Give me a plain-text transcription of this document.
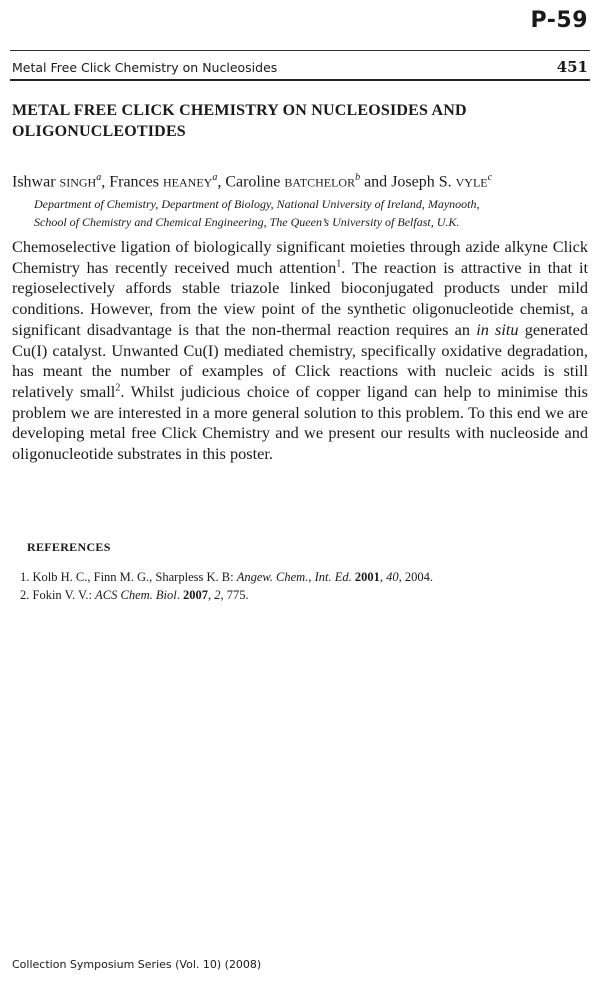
P-59
Metal Free Click Chemistry on Nucleosides	451
METAL FREE CLICK CHEMISTRY ON NUCLEOSIDES AND OLIGONUCLEOTIDES
Ishwar SINGH$^a$, Frances HEANEY$^a$, Caroline BATCHELOR$^b$ and Joseph S. VYLE$^c$
Department of Chemistry, Department of Biology, National University of Ireland, Maynooth,
School of Chemistry and Chemical Engineering, The Queen’s University of Belfast, U.K.

Chemoselective ligation of biologically significant moieties through azide alkyne Click Chemistry has recently received much attention$^1$. The reaction is attractive in that it regioselectively affords stable triazole linked bioconjugated products under mild conditions. However, from the view point of the synthetic oligonucleotide chemist, a significant disadvantage is that the non-thermal reaction requires an in situ generated Cu(I) catalyst. Unwanted Cu(I) mediated chemistry, specifically oxidative degradation, has meant the number of examples of Click reactions with nucleic acids is still relatively small$^2$. Whilst judicious choice of copper ligand can help to minimise this problem we are interested in a more general solution to this problem. To this end we are developing metal free Click Chemistry and we present our results with nucleoside and oligonucleotide substrates in this poster.

REFERENCES
1. Kolb H. C., Finn M. G., Sharpless K. B: Angew. Chem., Int. Ed. 2001, 40, 2004.
2. Fokin V. V.: ACS Chem. Biol. 2007, 2, 775.
Collection Symposium Series (Vol. 10) (2008)
